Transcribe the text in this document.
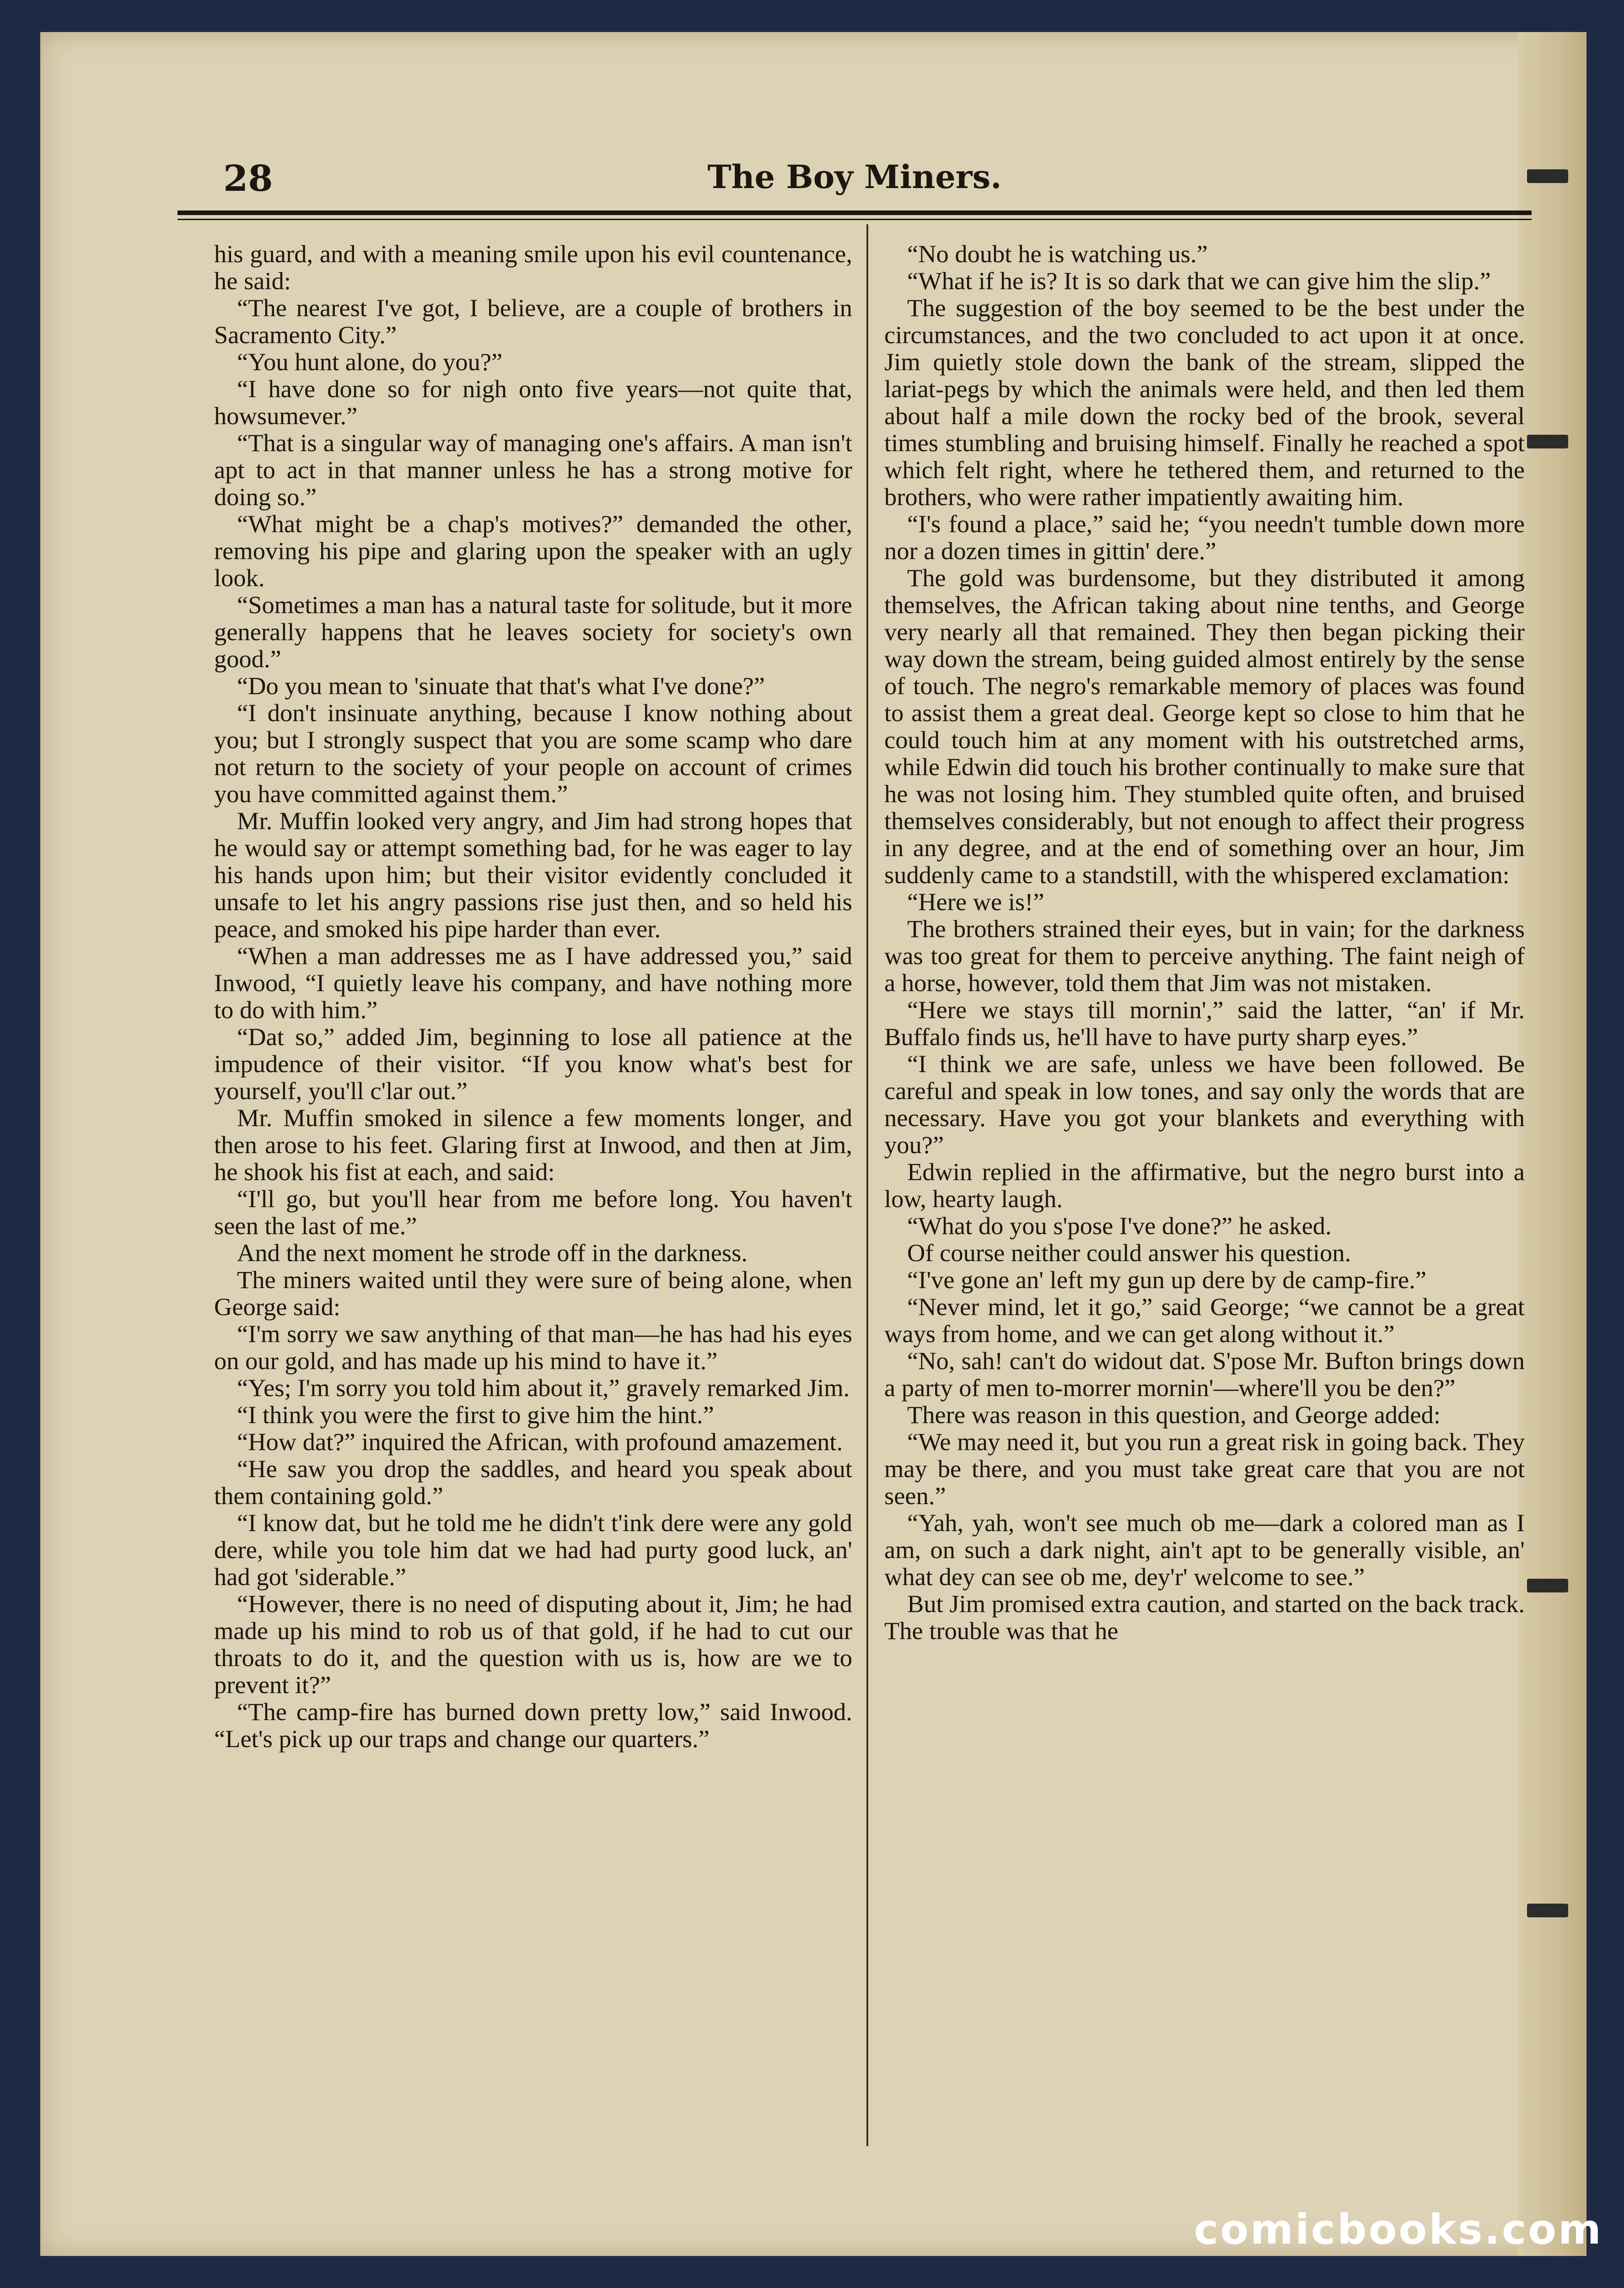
28	The Boy Miners.

his guard, and with a meaning smile upon his evil countenance, he said:

“The nearest I've got, I believe, are a couple of brothers in Sacramento City.”

“You hunt alone, do you?”

“I have done so for nigh onto five years—not quite that, howsumever.”

“That is a singular way of managing one's affairs. A man isn't apt to act in that manner unless he has a strong motive for doing so.”

“What might be a chap's motives?” demanded the other, removing his pipe and glaring upon the speaker with an ugly look.

“Sometimes a man has a natural taste for solitude, but it more generally happens that he leaves society for society's own good.”

“Do you mean to 'sinuate that that's what I've done?”

“I don't insinuate anything, because I know nothing about you; but I strongly suspect that you are some scamp who dare not return to the society of your people on account of crimes you have committed against them.”

Mr. Muffin looked very angry, and Jim had strong hopes that he would say or attempt something bad, for he was eager to lay his hands upon him; but their visitor evidently concluded it unsafe to let his angry passions rise just then, and so held his peace, and smoked his pipe harder than ever.

“When a man addresses me as I have addressed you,” said Inwood, “I quietly leave his company, and have nothing more to do with him.”

“Dat so,” added Jim, beginning to lose all patience at the impudence of their visitor. “If you know what's best for yourself, you'll c'lar out.”

Mr. Muffin smoked in silence a few moments longer, and then arose to his feet. Glaring first at Inwood, and then at Jim, he shook his fist at each, and said:

“I'll go, but you'll hear from me before long. You haven't seen the last of me.”

And the next moment he strode off in the darkness.

The miners waited until they were sure of being alone, when George said:

“I'm sorry we saw anything of that man—he has had his eyes on our gold, and has made up his mind to have it.”

“Yes; I'm sorry you told him about it,” gravely remarked Jim.

“I think you were the first to give him the hint.”

“How dat?” inquired the African, with profound amazement.

“He saw you drop the saddles, and heard you speak about them containing gold.”

“I know dat, but he told me he didn't t'ink dere were any gold dere, while you tole him dat we had had purty good luck, an' had got 'siderable.”

“However, there is no need of disputing about it, Jim; he had made up his mind to rob us of that gold, if he had to cut our throats to do it, and the question with us is, how are we to prevent it?”

“The camp-fire has burned down pretty low,” said Inwood. “Let's pick up our traps and change our quarters.”

“No doubt he is watching us.”

“What if he is? It is so dark that we can give him the slip.”

The suggestion of the boy seemed to be the best under the circumstances, and the two concluded to act upon it at once. Jim quietly stole down the bank of the stream, slipped the lariat-pegs by which the animals were held, and then led them about half a mile down the rocky bed of the brook, several times stumbling and bruising himself. Finally he reached a spot which felt right, where he tethered them, and returned to the brothers, who were rather impatiently awaiting him.

“I's found a place,” said he; “you needn't tumble down more nor a dozen times in gittin' dere.”

The gold was burdensome, but they distributed it among themselves, the African taking about nine tenths, and George very nearly all that remained. They then began picking their way down the stream, being guided almost entirely by the sense of touch. The negro's remarkable memory of places was found to assist them a great deal. George kept so close to him that he could touch him at any moment with his outstretched arms, while Edwin did touch his brother continually to make sure that he was not losing him. They stumbled quite often, and bruised themselves considerably, but not enough to affect their progress in any degree, and at the end of something over an hour, Jim suddenly came to a standstill, with the whispered exclamation:

“Here we is!”

The brothers strained their eyes, but in vain; for the darkness was too great for them to perceive anything. The faint neigh of a horse, however, told them that Jim was not mistaken.

“Here we stays till mornin',” said the latter, “an' if Mr. Buffalo finds us, he'll have to have purty sharp eyes.”

“I think we are safe, unless we have been followed. Be careful and speak in low tones, and say only the words that are necessary. Have you got your blankets and everything with you?”

Edwin replied in the affirmative, but the negro burst into a low, hearty laugh.

“What do you s'pose I've done?” he asked.

Of course neither could answer his question.

“I've gone an' left my gun up dere by de camp-fire.”

“Never mind, let it go,” said George; “we cannot be a great ways from home, and we can get along without it.”

“No, sah! can't do widout dat. S'pose Mr. Bufton brings down a party of men to-morrer mornin'—where'll you be den?”

There was reason in this question, and George added:

“We may need it, but you run a great risk in going back. They may be there, and you must take great care that you are not seen.”

“Yah, yah, won't see much ob me—dark a colored man as I am, on such a dark night, ain't apt to be generally visible, an' what dey can see ob me, dey'r' welcome to see.”

But Jim promised extra caution, and started on the back track. The trouble was that he

comicbooks.com
